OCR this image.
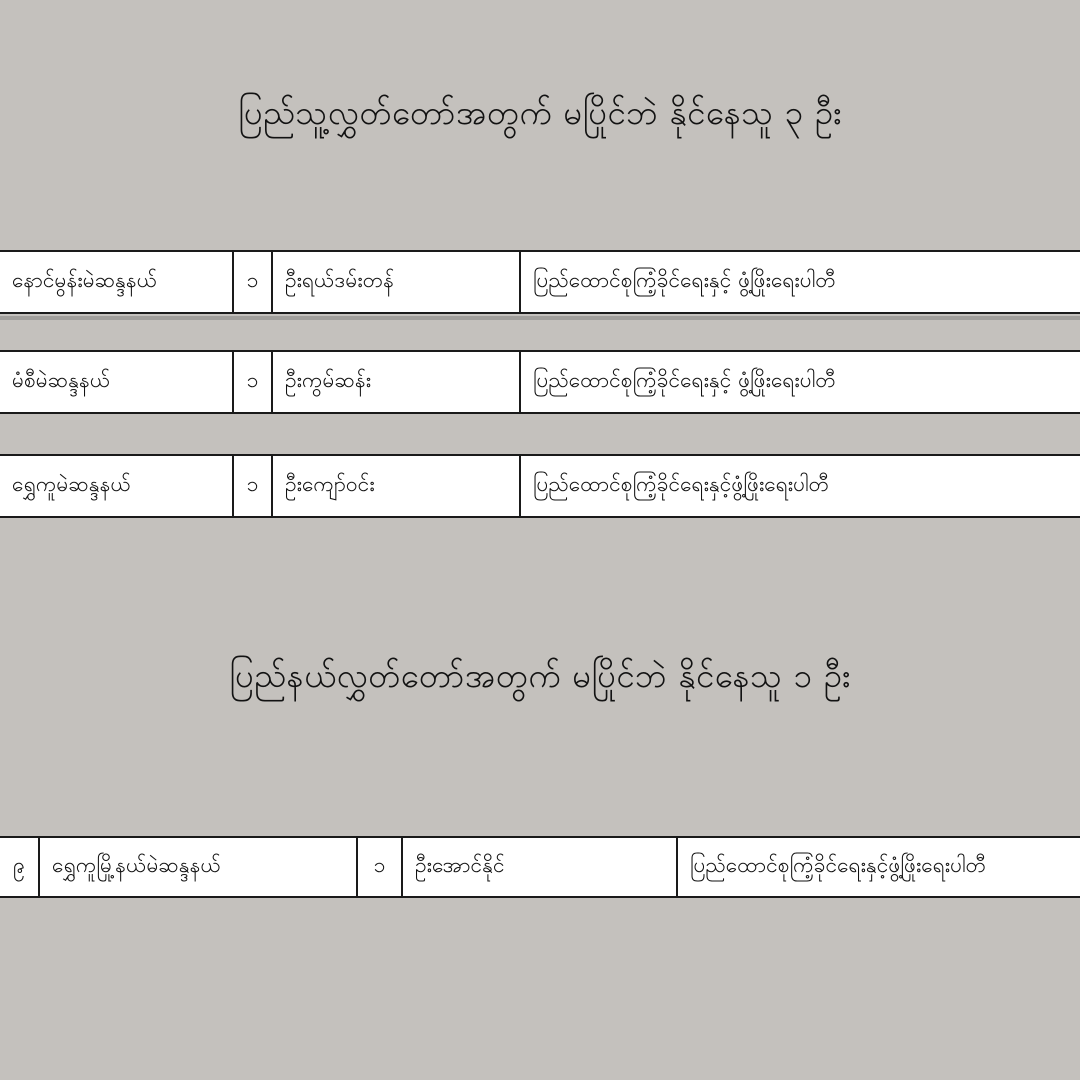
ပြည်သူ့လွှတ်တော်အတွက် မပြိုင်ဘဲ နိုင်နေသူ ၃ ဦး
နောင်မွန်းမဲဆန္ဒနယ်	၁	ဦးရယ်ဒမ်းတန်	ပြည်ထောင်စုကြံ့ခိုင်ရေးနှင့် ဖွံ့ဖြိုးရေးပါတီ
မံစီမဲဆန္ဒနယ်	၁	ဦးကွမ်ဆန်း	ပြည်ထောင်စုကြံ့ခိုင်ရေးနှင့် ဖွံ့ဖြိုးရေးပါတီ
ရွှေကူမဲဆန္ဒနယ်	၁	ဦးကျော်ဝင်း	ပြည်ထောင်စုကြံ့ခိုင်ရေးနှင့်ဖွံ့ဖြိုးရေးပါတီ
ပြည်နယ်လွှတ်တော်အတွက် မပြိုင်ဘဲ နိုင်နေသူ ၁ ဦး
၉	ရွှေကူမြို့နယ်မဲဆန္ဒနယ်	၁	ဦးအောင်နိုင်	ပြည်ထောင်စုကြံ့ခိုင်ရေးနှင့်ဖွံ့ဖြိုးရေးပါတီ
